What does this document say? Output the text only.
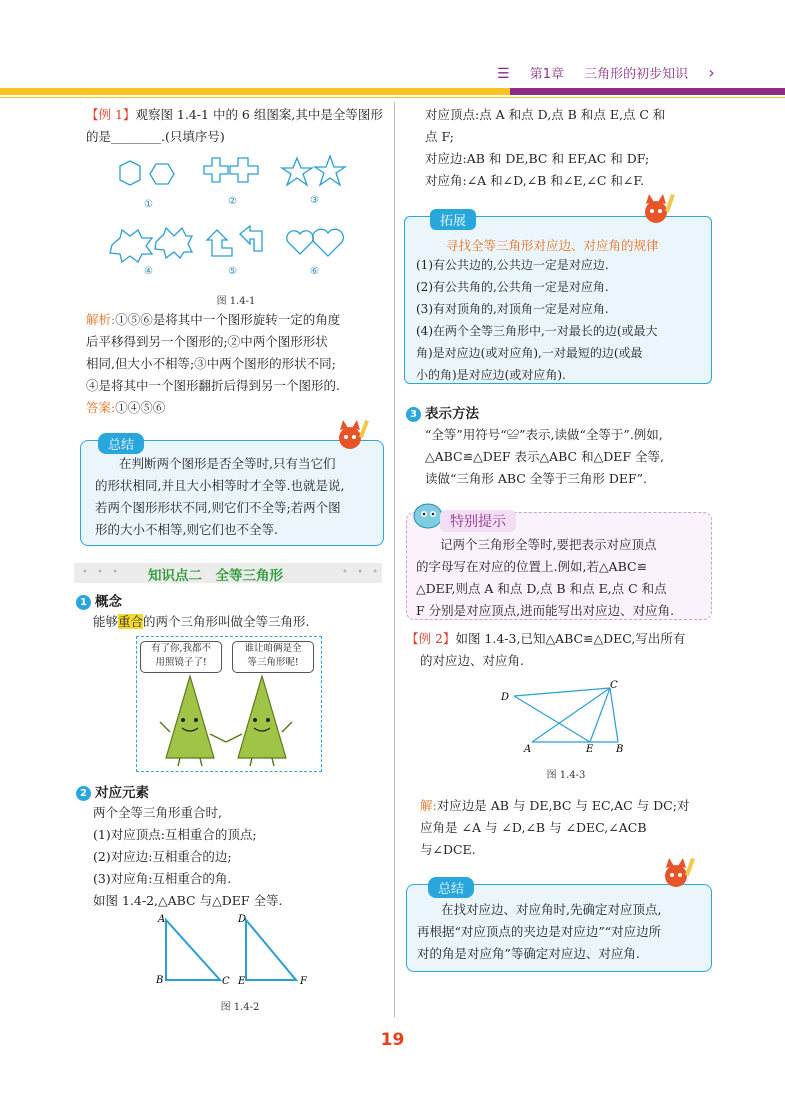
☰ 第1章 三角形的初步知识 ›

【例 1】观察图 1.4-1 中的 6 组图案,其中是全等图形

的是________.(只填序号)

①	②	③
④	⑤	⑥
图 1.4-1

解析:①⑤⑥是将其中一个图形旋转一定的角度

后平移得到另一个图形的;②中两个图形形状

相同,但大小不相等;③中两个图形的形状不同;

④是将其中一个图形翻折后得到另一个图形的.

答案:①④⑤⑥

在判断两个图形是否全等时,只有当它们

的形状相同,并且大小相等时才全等.也就是说,

若两个图形形状不同,则它们不全等;若两个图

形的大小不相等,则它们也不全等.

总结
• • • 知识点二　全等三角形	• • •
1 概念

能够重合的两个三角形叫做全等三角形.

有了你,我都不
用照镜子了!
谁让咱俩是全
等三角形呢!
2 对应元素

两个全等三角形重合时,

(1)对应顶点:互相重合的顶点;

(2)对应边:互相重合的边;

(3)对应角:互相重合的角.

如图 1.4-2,△ABC 与△DEF 全等.

A
B	C
D
E	F
图 1.4-2

对应顶点:点 A 和点 D,点 B 和点 E,点 C 和

点 F;

对应边:AB 和 DE,BC 和 EF,AC 和 DF;

对应角:∠A 和∠D,∠B 和∠E,∠C 和∠F.

拓展
寻找全等三角形对应边、对应角的规律

(1)有公共边的,公共边一定是对应边.

(2)有公共角的,公共角一定是对应角.

(3)有对顶角的,对顶角一定是对应角.

(4)在两个全等三角形中,一对最长的边(或最大

角)是对应边(或对应角),一对最短的边(或最

小的角)是对应边(或对应角).

3 表示方法

“全等”用符号“≌”表示,读做“全等于”.例如,

△ABC≌△DEF 表示△ABC 和△DEF 全等,

读做“三角形 ABC 全等于三角形 DEF”.

特别提示

记两个三角形全等时,要把表示对应顶点

的字母写在对应的位置上.例如,若△ABC≌

△DEF,则点 A 和点 D,点 B 和点 E,点 C 和点

F 分别是对应顶点,进而能写出对应边、对应角.

【例 2】如图 1.4-3,已知△ABC≌△DEC,写出所有

的对应边、对应角.

D
C
A	E B
图 1.4-3

解:对应边是 AB 与 DE,BC 与 EC,AC 与 DC;对

应角是 ∠A 与 ∠D,∠B 与 ∠DEC,∠ACB

与∠DCE.

在找对应边、对应角时,先确定对应顶点,

再根据“对应顶点的夹边是对应边”“对应边所

对的角是对应角”等确定对应边、对应角.

总结
19
